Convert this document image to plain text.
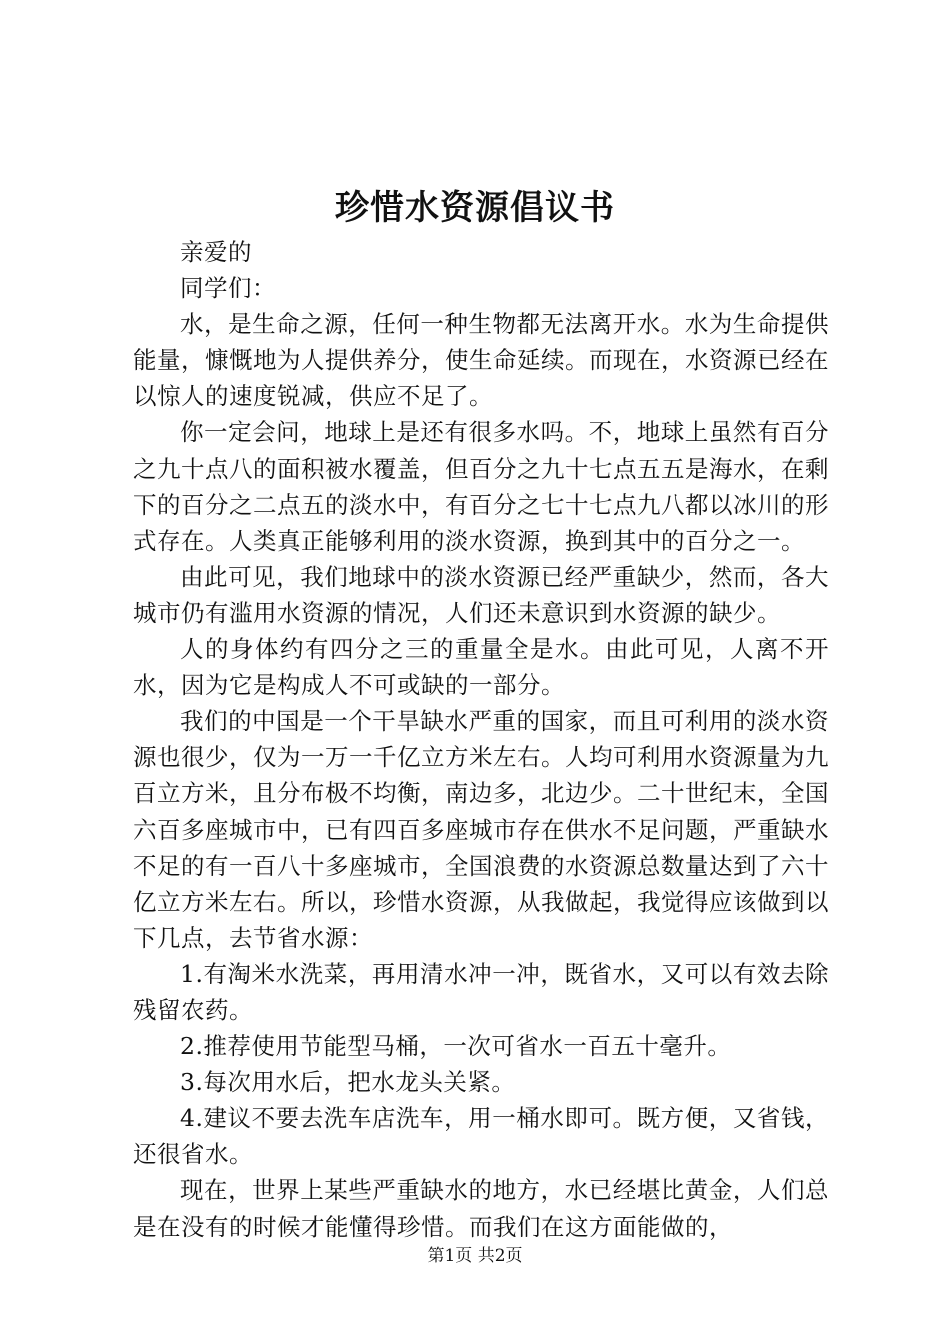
珍惜水资源倡议书

亲爱的

同学们：

水，是生命之源，任何一种生物都无法离开水。水为生命提供能量，慷慨地为人提供养分，使生命延续。而现在，水资源已经在以惊人的速度锐减，供应不足了。

你一定会问，地球上是还有很多水吗。不，地球上虽然有百分之九十点八的面积被水覆盖，但百分之九十七点五五是海水，在剩下的百分之二点五的淡水中，有百分之七十七点九八都以冰川的形式存在。人类真正能够利用的淡水资源，换到其中的百分之一。

由此可见，我们地球中的淡水资源已经严重缺少，然而，各大城市仍有滥用水资源的情况，人们还未意识到水资源的缺少。

人的身体约有四分之三的重量全是水。由此可见，人离不开水，因为它是构成人不可或缺的一部分。

我们的中国是一个干旱缺水严重的国家，而且可利用的淡水资源也很少，仅为一万一千亿立方米左右。人均可利用水资源量为九百立方米，且分布极不均衡，南边多，北边少。二十世纪末，全国六百多座城市中，已有四百多座城市存在供水不足问题，严重缺水不足的有一百八十多座城市，全国浪费的水资源总数量达到了六十亿立方米左右。所以，珍惜水资源，从我做起，我觉得应该做到以下几点，去节省水源：

1.有淘米水洗菜，再用清水冲一冲，既省水，又可以有效去除残留农药。

2.推荐使用节能型马桶，一次可省水一百五十毫升。

3.每次用水后，把水龙头关紧。

4.建议不要去洗车店洗车，用一桶水即可。既方便，又省钱，还很省水。

现在，世界上某些严重缺水的地方，水已经堪比黄金，人们总是在没有的时候才能懂得珍惜。而我们在这方面能做的，

第1页 共2页
